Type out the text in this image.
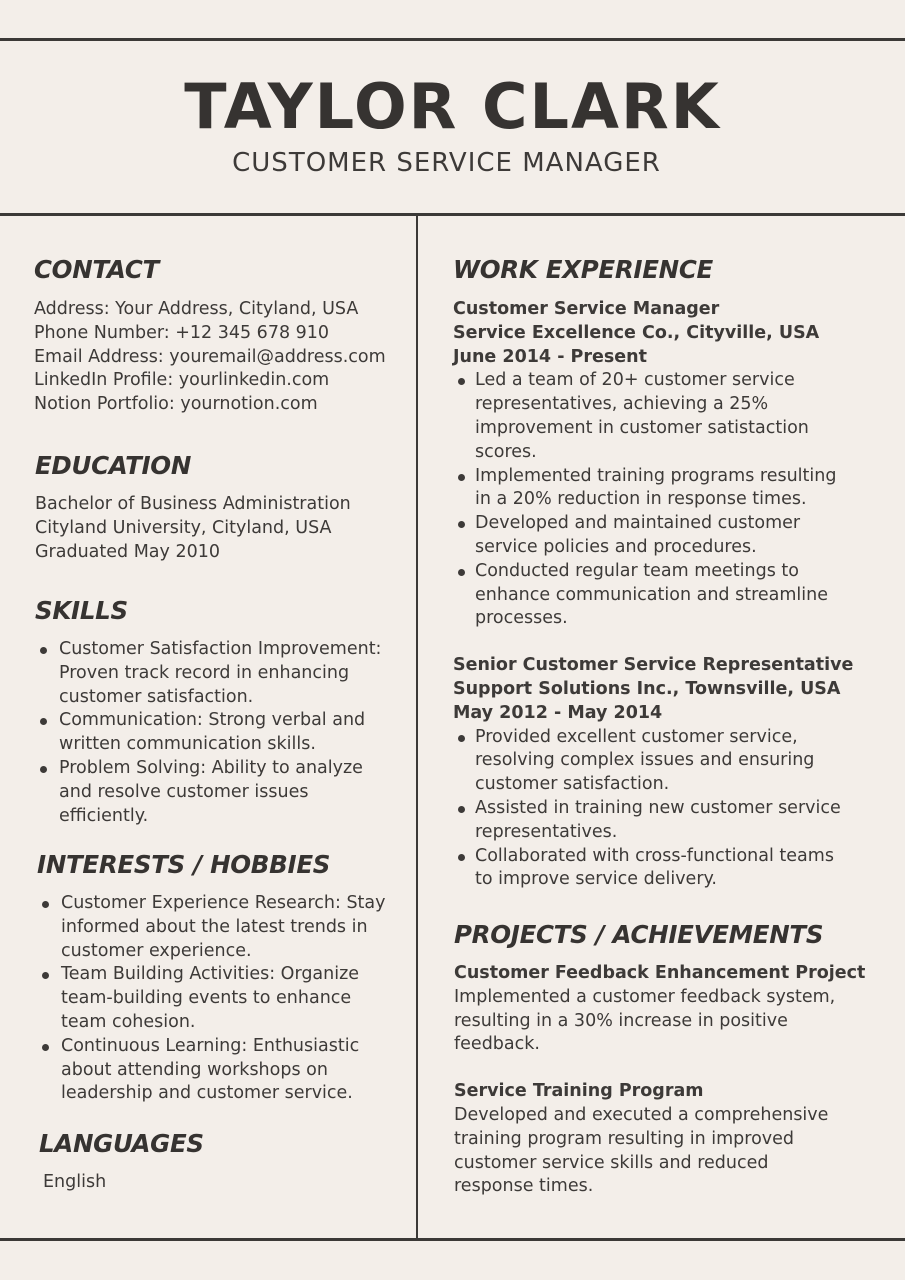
TAYLOR CLARK
CUSTOMER SERVICE MANAGER
CONTACT

Address: Your Address, Cityland, USA

Phone Number: +12 345 678 910

Email Address: youremail@address.com

LinkedIn Profile: yourlinkedin.com

Notion Portfolio: yournotion.com

EDUCATION

Bachelor of Business Administration

Cityland University, Cityland, USA

Graduated May 2010

SKILLS
Customer Satisfaction Improvement:
Proven track record in enhancing
customer satisfaction.
Communication: Strong verbal and
written communication skills.
Problem Solving: Ability to analyze
and resolve customer issues
efficiently.
INTERESTS / HOBBIES
Customer Experience Research: Stay
informed about the latest trends in
customer experience.
Team Building Activities: Organize
team-building events to enhance
team cohesion.
Continuous Learning: Enthusiastic
about attending workshops on
leadership and customer service.
LANGUAGES

English

WORK EXPERIENCE

Customer Service Manager

Service Excellence Co., Cityville, USA

June 2014 - Present

Led a team of 20+ customer service
representatives, achieving a 25%
improvement in customer satistaction
scores.
Implemented training programs resulting
in a 20% reduction in response times.
Developed and maintained customer
service policies and procedures.
Conducted regular team meetings to
enhance communication and streamline
processes.

Senior Customer Service Representative

Support Solutions Inc., Townsville, USA

May 2012 - May 2014

Provided excellent customer service,
resolving complex issues and ensuring
customer satisfaction.
Assisted in training new customer service
representatives.
Collaborated with cross-functional teams
to improve service delivery.
PROJECTS / ACHIEVEMENTS

Customer Feedback Enhancement Project

Implemented a customer feedback system,

resulting in a 30% increase in positive

feedback.

Service Training Program

Developed and executed a comprehensive

training program resulting in improved

customer service skills and reduced

response times.
